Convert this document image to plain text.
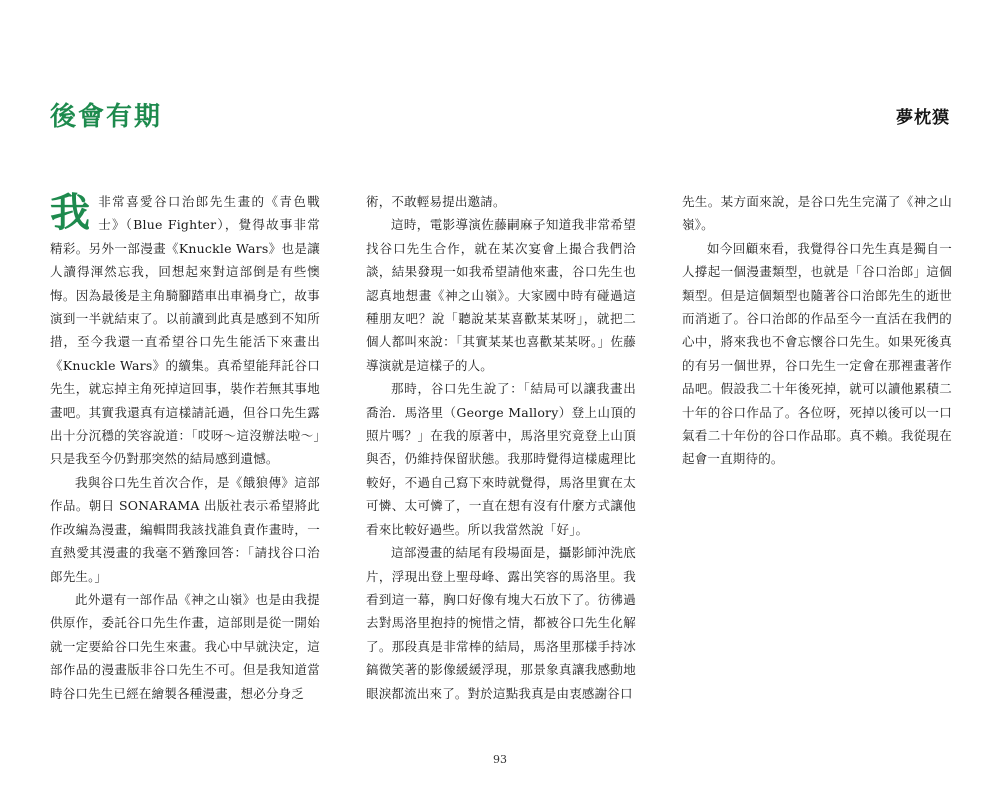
後會有期	夢枕獏

我非常喜愛谷口治郎先生畫的《青色戰士》（Blue Fighter），覺得故事非常精彩。另外一部漫畫《Knuckle Wars》也是讓人讀得渾然忘我，回想起來對這部倒是有些懊悔。因為最後是主角騎腳踏車出車禍身亡，故事演到一半就結束了。以前讀到此真是感到不知所措，至今我還一直希望谷口先生能活下來畫出《Knuckle Wars》的續集。真希望能拜託谷口先生，就忘掉主角死掉這回事，裝作若無其事地畫吧。其實我還真有這樣請託過，但谷口先生露出十分沉穩的笑容說道：「哎呀～這沒辦法啦～」只是我至今仍對那突然的結局感到遺憾。

我與谷口先生首次合作，是《餓狼傳》這部作品。朝日 SONARAMA 出版社表示希望將此作改編為漫畫，編輯問我該找誰負責作畫時，一直熱愛其漫畫的我毫不猶豫回答：「請找谷口治郎先生。」

此外還有一部作品《神之山嶺》也是由我提供原作，委託谷口先生作畫，這部則是從一開始就一定要給谷口先生來畫。我心中早就決定，這部作品的漫畫版非谷口先生不可。但是我知道當時谷口先生已經在繪製各種漫畫，想必分身乏

術，不敢輕易提出邀請。

這時，電影導演佐藤嗣麻子知道我非常希望找谷口先生合作，就在某次宴會上撮合我們洽談，結果發現一如我希望請他來畫，谷口先生也認真地想畫《神之山嶺》。大家國中時有碰過這種朋友吧？說「聽說某某喜歡某某呀」，就把二個人都叫來說：「其實某某也喜歡某某呀。」佐藤導演就是這樣子的人。

那時，谷口先生說了：「結局可以讓我畫出喬治．馬洛里（George Mallory）登上山頂的照片嗎？」在我的原著中，馬洛里究竟登上山頂與否，仍維持保留狀態。我那時覺得這樣處理比較好，不過自己寫下來時就覺得，馬洛里實在太可憐、太可憐了，一直在想有沒有什麼方式讓他看來比較好過些。所以我當然說「好」。

這部漫畫的結尾有段場面是，攝影師沖洗底片，浮現出登上聖母峰、露出笑容的馬洛里。我看到這一幕，胸口好像有塊大石放下了。彷彿過去對馬洛里抱持的惋惜之情，都被谷口先生化解了。那段真是非常棒的結局，馬洛里那樣手持冰鎬微笑著的影像緩緩浮現，那景象真讓我感動地眼淚都流出來了。對於這點我真是由衷感謝谷口

先生。某方面來說，是谷口先生完滿了《神之山嶺》。

如今回顧來看，我覺得谷口先生真是獨自一人撐起一個漫畫類型，也就是「谷口治郎」這個類型。但是這個類型也隨著谷口治郎先生的逝世而消逝了。谷口治郎的作品至今一直活在我們的心中，將來我也不會忘懷谷口先生。如果死後真的有另一個世界，谷口先生一定會在那裡畫著作品吧。假設我二十年後死掉，就可以讀他累積二十年的谷口作品了。各位呀，死掉以後可以一口氣看二十年份的谷口作品耶。真不賴。我從現在起會一直期待的。

93
